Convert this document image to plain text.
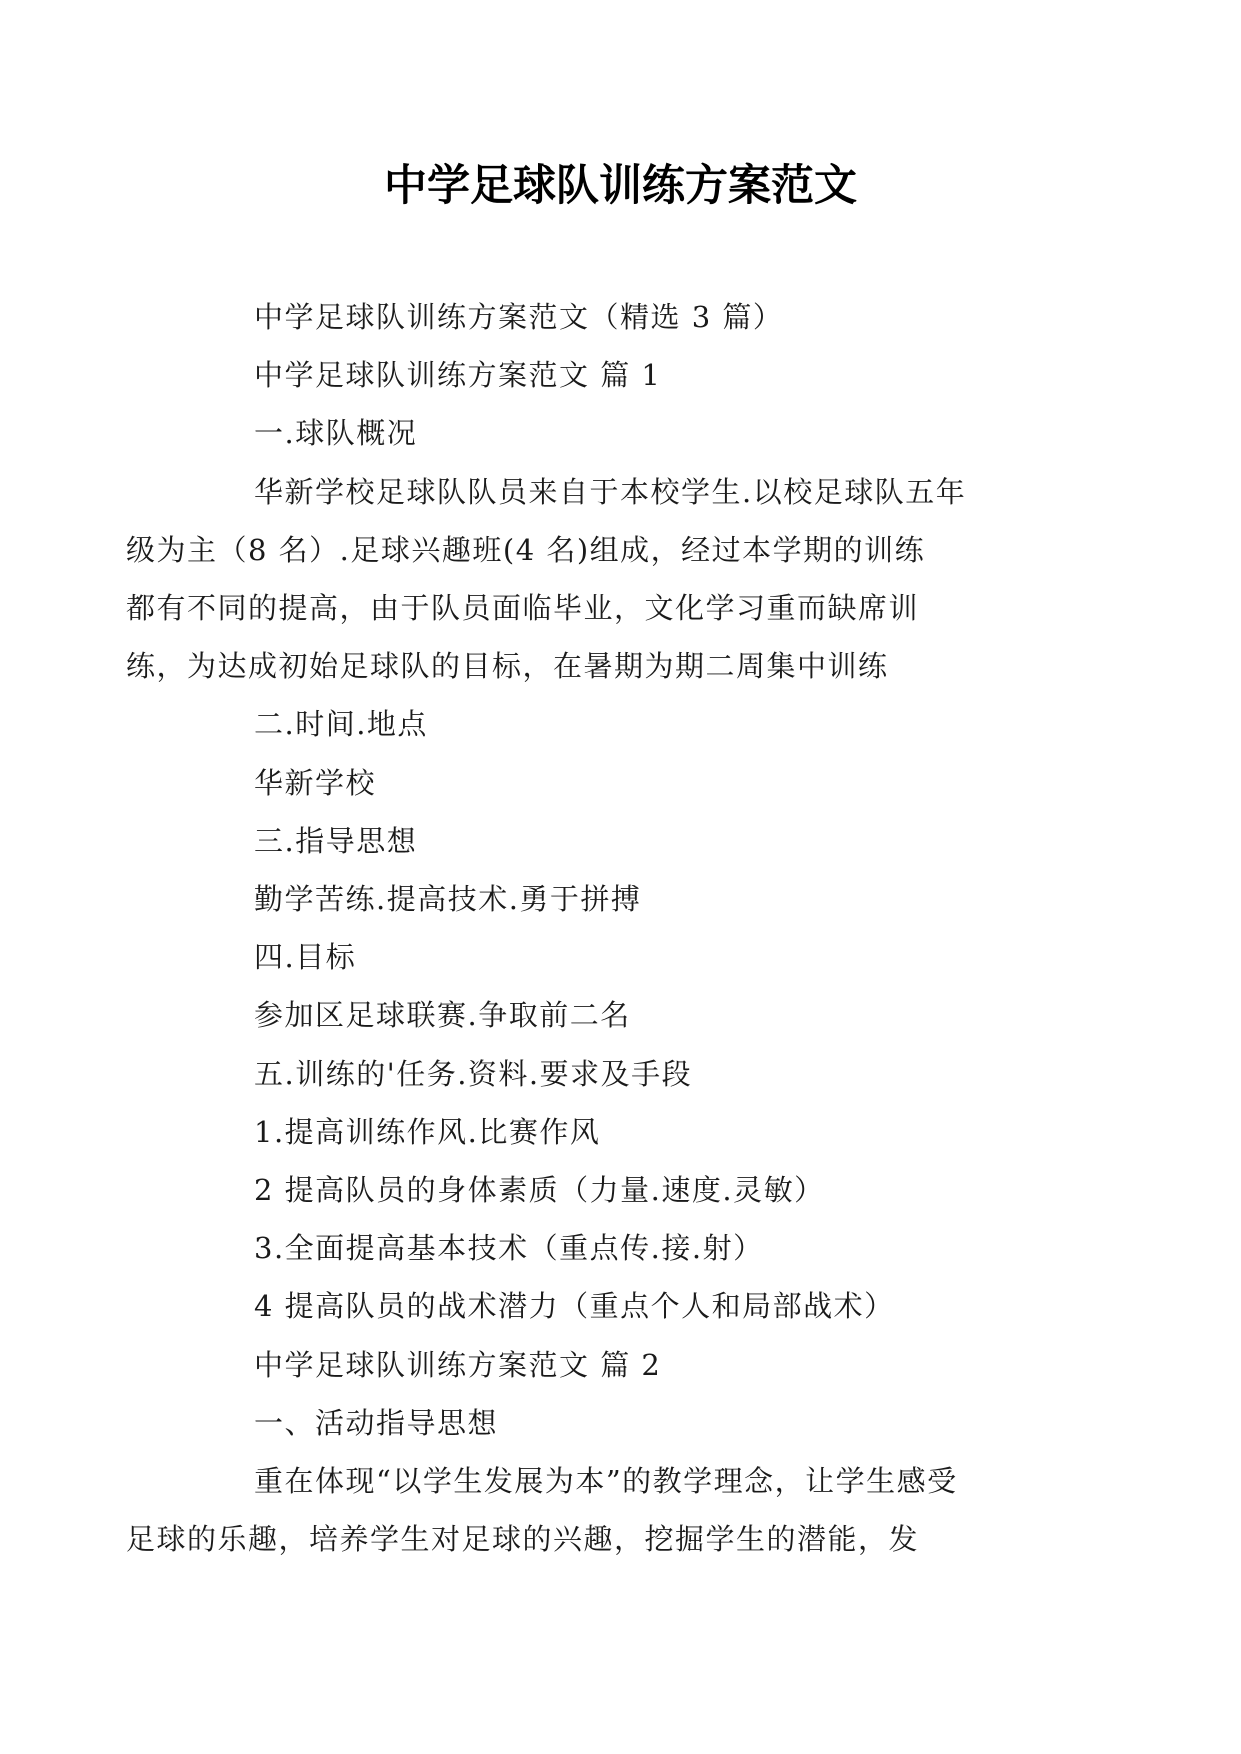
中学足球队训练方案范文
中学足球队训练方案范文（精选 3 篇）
中学足球队训练方案范文 篇 1
一.球队概况
华新学校足球队队员来自于本校学生.以校足球队五年
级为主（8 名）.足球兴趣班(4 名)组成，经过本学期的训练
都有不同的提高，由于队员面临毕业，文化学习重而缺席训
练，为达成初始足球队的目标，在暑期为期二周集中训练
二.时间.地点
华新学校
三.指导思想
勤学苦练.提高技术.勇于拼搏
四.目标
参加区足球联赛.争取前二名
五.训练的'任务.资料.要求及手段
1.提高训练作风.比赛作风
2 提高队员的身体素质（力量.速度.灵敏）
3.全面提高基本技术（重点传.接.射）
4 提高队员的战术潜力（重点个人和局部战术）
中学足球队训练方案范文 篇 2
一、活动指导思想
重在体现“以学生发展为本”的教学理念，让学生感受
足球的乐趣，培养学生对足球的兴趣，挖掘学生的潜能，发
